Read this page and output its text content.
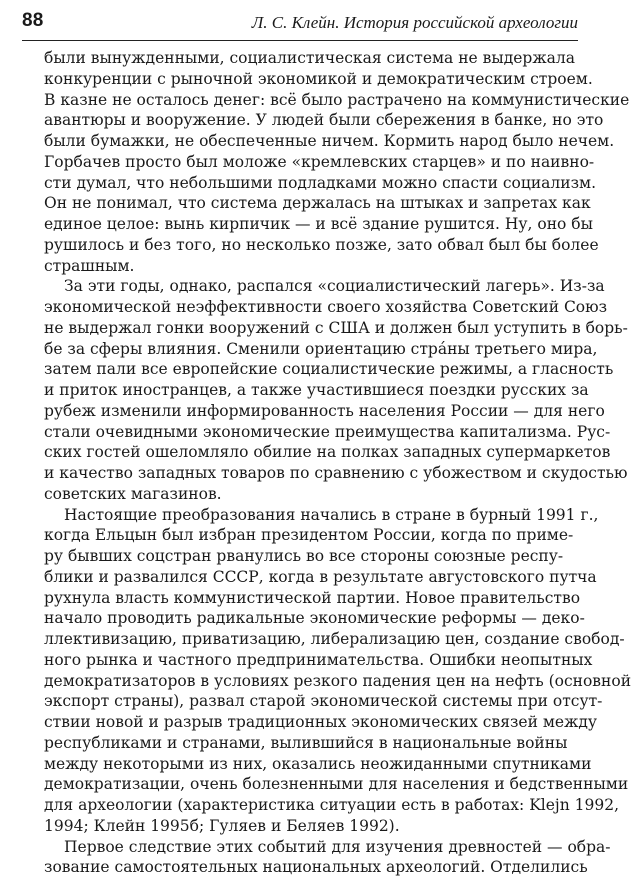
88	Л. С. Клейн. История российской археологии
были вынужденными, социалистическая система не выдержала
конкуренции с рыночной экономикой и демократическим строем.
В казне не осталось денег: всё было растрачено на коммунистические
авантюры и вооружение. У людей были сбережения в банке, но это
были бумажки, не обеспеченные ничем. Кормить народ было нечем.
Горбачев просто был моложе «кремлевских старцев» и по наивно-
сти думал, что небольшими подладками можно спасти социализм.
Он не понимал, что система держалась на штыках и запретах как
единое целое: вынь кирпичик — и всё здание рушится. Ну, оно бы
рушилось и без того, но несколько позже, зато обвал был бы более
страшным.
За эти годы, однако, распался «социалистический лагерь». Из-за
экономической неэффективности своего хозяйства Советский Союз
не выдержал гонки вооружений с США и должен был уступить в борь-
бе за сферы влияния. Сменили ориентацию стрáны третьего мира,
затем пали все европейские социалистические режимы, а гласность
и приток иностранцев, а также участившиеся поездки русских за
рубеж изменили информированность населения России — для него
стали очевидными экономические преимущества капитализма. Рус-
ских гостей ошеломляло обилие на полках западных супермаркетов
и качество западных товаров по сравнению с убожеством и скудостью
советских магазинов.
Настоящие преобразования начались в стране в бурный 1991 г.,
когда Ельцын был избран президентом России, когда по приме-
ру бывших соцстран рванулись во все стороны союзные респу-
блики и развалился СССР, когда в результате августовского путча
рухнула власть коммунистической партии. Новое правительство
начало проводить радикальные экономические реформы — деко-
ллективизацию, приватизацию, либерализацию цен, создание свобод-
ного рынка и частного предпринимательства. Ошибки неопытных
демократизаторов в условиях резкого падения цен на нефть (основной
экспорт страны), развал старой экономической системы при отсут-
ствии новой и разрыв традиционных экономических связей между
республиками и странами, вылившийся в национальные войны
между некоторыми из них, оказались неожиданными спутниками
демократизации, очень болезненными для населения и бедственными
для археологии (характеристика ситуации есть в работах: Klejn 1992,
1994; Клейн 1995б; Гуляев и Беляев 1992).
Первое следствие этих событий для изучения древностей — обра-
зование самостоятельных национальных археологий. Отделились
